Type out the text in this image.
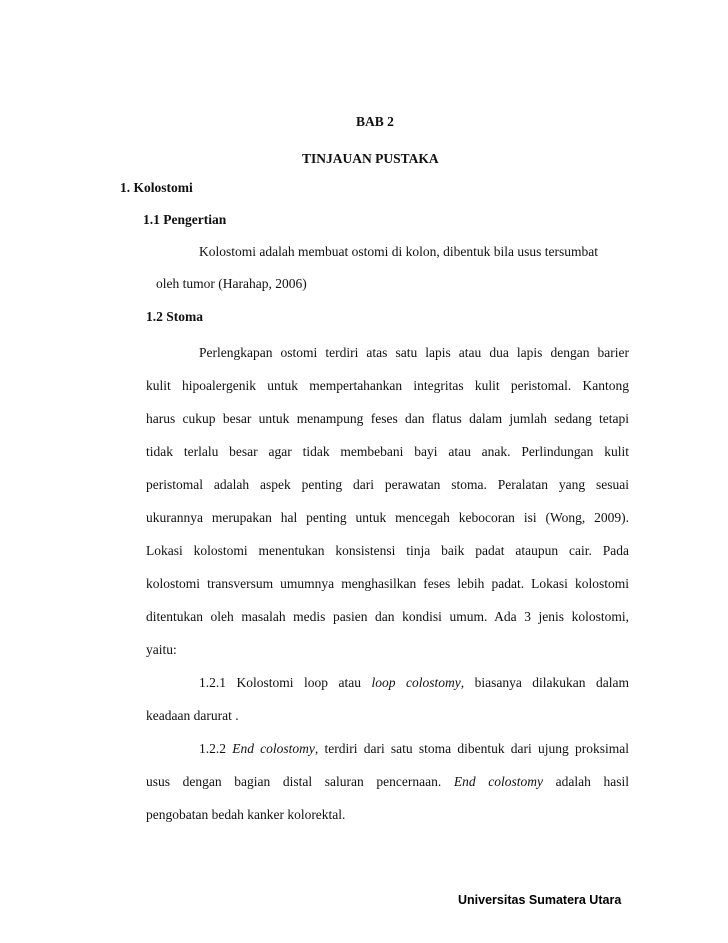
BAB 2

TINJAUAN PUSTAKA

1. Kolostomi

1.1 Pengertian

Kolostomi adalah membuat ostomi di kolon, dibentuk bila usus tersumbat

oleh tumor (Harahap, 2006)

1.2 Stoma

Perlengkapan ostomi terdiri atas satu lapis atau dua lapis dengan barier

kulit hipoalergenik untuk mempertahankan integritas kulit peristomal. Kantong

harus cukup besar untuk menampung feses dan flatus dalam jumlah sedang tetapi

tidak terlalu besar agar tidak membebani bayi atau anak. Perlindungan kulit

peristomal adalah aspek penting dari perawatan stoma. Peralatan yang sesuai

ukurannya merupakan hal penting untuk mencegah kebocoran isi (Wong, 2009).

Lokasi kolostomi menentukan konsistensi tinja baik padat ataupun cair. Pada

kolostomi transversum umumnya menghasilkan feses lebih padat. Lokasi kolostomi

ditentukan oleh masalah medis pasien dan kondisi umum. Ada 3 jenis kolostomi,

yaitu:

1.2.1 Kolostomi loop atau loop colostomy, biasanya dilakukan dalam

keadaan darurat .

1.2.2 End colostomy, terdiri dari satu stoma dibentuk dari ujung proksimal

usus dengan bagian distal saluran pencernaan. End colostomy adalah hasil

pengobatan bedah kanker kolorektal.

Universitas Sumatera Utara
